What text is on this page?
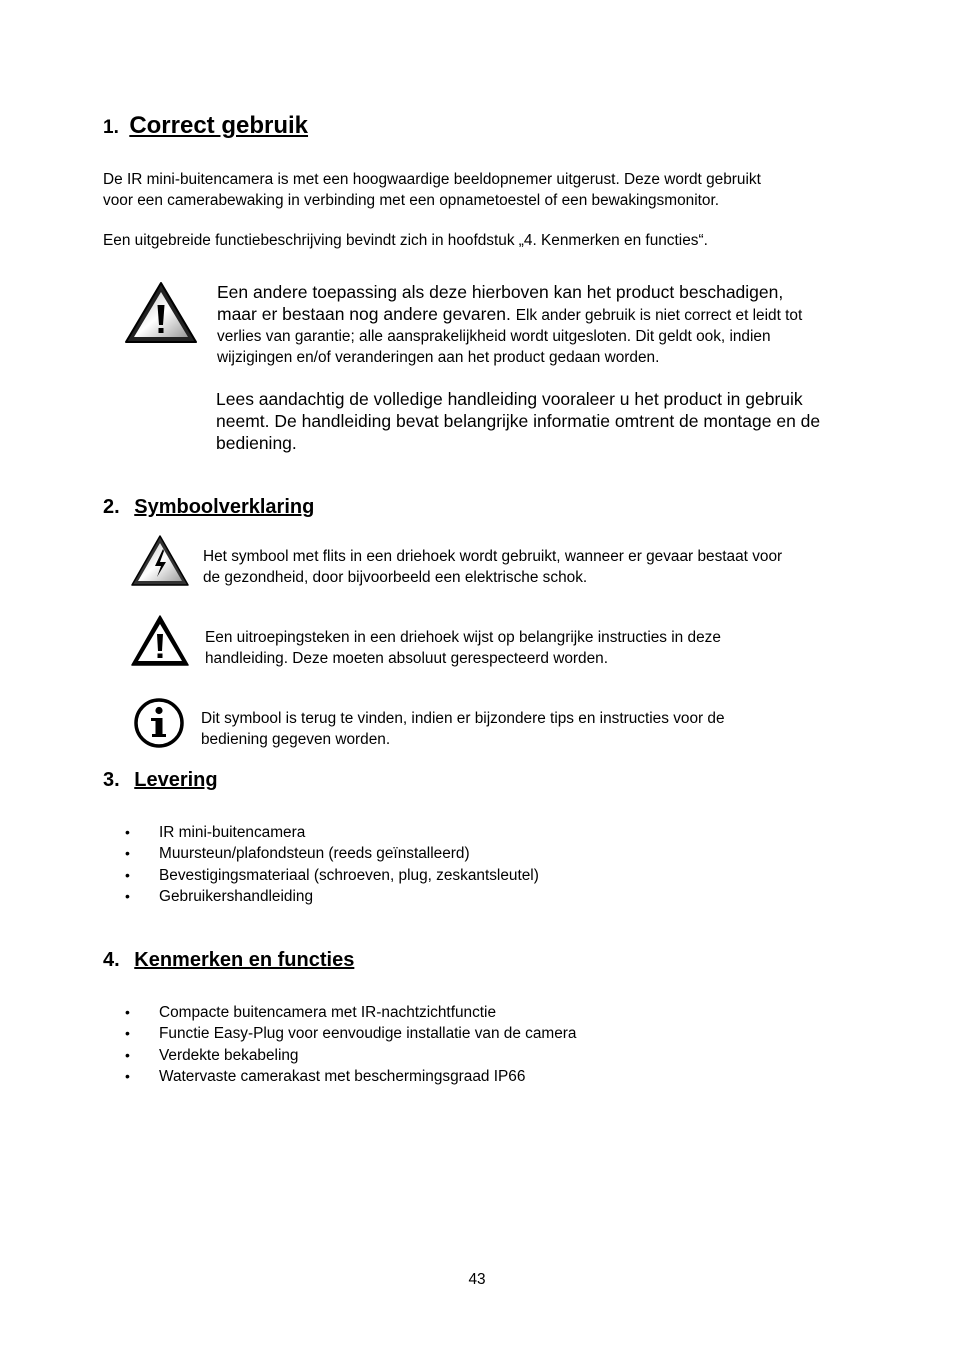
1. Correct gebruik
De IR mini-buitencamera is met een hoogwaardige beeldopnemer uitgerust. Deze wordt gebruikt
voor een camerabewaking in verbinding met een opnametoestel of een bewakingsmonitor.
Een uitgebreide functiebeschrijving bevindt zich in hoofdstuk „4. Kenmerken en functies“.
Een andere toepassing als deze hierboven kan het product beschadigen,
maar er bestaan nog andere gevaren. Elk ander gebruik is niet correct et leidt tot
verlies van garantie; alle aansprakelijkheid wordt uitgesloten. Dit geldt ook, indien
wijzigingen en/of veranderingen aan het product gedaan worden.
Lees aandachtig de volledige handleiding vooraleer u het product in gebruik
neemt. De handleiding bevat belangrijke informatie omtrent de montage en de
bediening.
2. Symboolverklaring
Het symbool met flits in een driehoek wordt gebruikt, wanneer er gevaar bestaat voor
de gezondheid, door bijvoorbeeld een elektrische schok.
Een uitroepingsteken in een driehoek wijst op belangrijke instructies in deze
handleiding. Deze moeten absoluut gerespecteerd worden.
Dit symbool is terug te vinden, indien er bijzondere tips en instructies voor de
bediening gegeven worden.
3. Levering
• IR mini-buitencamera
• Muursteun/plafondsteun (reeds geïnstalleerd)
• Bevestigingsmateriaal (schroeven, plug, zeskantsleutel)
• Gebruikershandleiding
4. Kenmerken en functies
• Compacte buitencamera met IR-nachtzichtfunctie
• Functie Easy-Plug voor eenvoudige installatie van de camera
• Verdekte bekabeling
• Watervaste camerakast met beschermingsgraad IP66
43
